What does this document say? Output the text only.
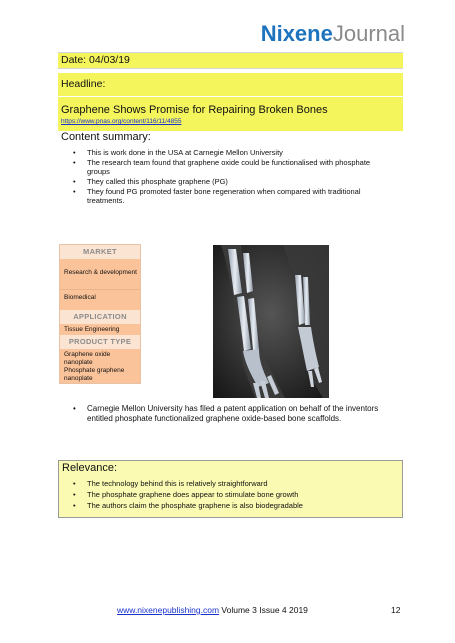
NixeneJournal
Date: 04/03/19
Headline:
Graphene Shows Promise for Repairing Broken Bones
https://www.pnas.org/content/116/11/4855
Content summary:
• This is work done in the USA at Carnegie Mellon University
• The research team found that graphene oxide could be functionalised with phosphate groups
• They called this phosphate graphene (PG)
• They found PG promoted faster bone regeneration when compared with traditional treatments.
MARKET
Research & development
Biomedical
APPLICATION
Tissue Engineering
PRODUCT TYPE
Graphene oxide nanoplate
Phosphate graphene nanoplate
• Carnegie Mellon University has filed a patent application on behalf of the inventors entitled phosphate functionalized graphene oxide-based bone scaffolds.
Relevance:
• The technology behind this is relatively straightforward
• The phosphate graphene does appear to stimulate bone growth
• The authors claim the phosphate graphene is also biodegradable
www.nixenepublishing.com Volume 3 Issue 4 2019	12
